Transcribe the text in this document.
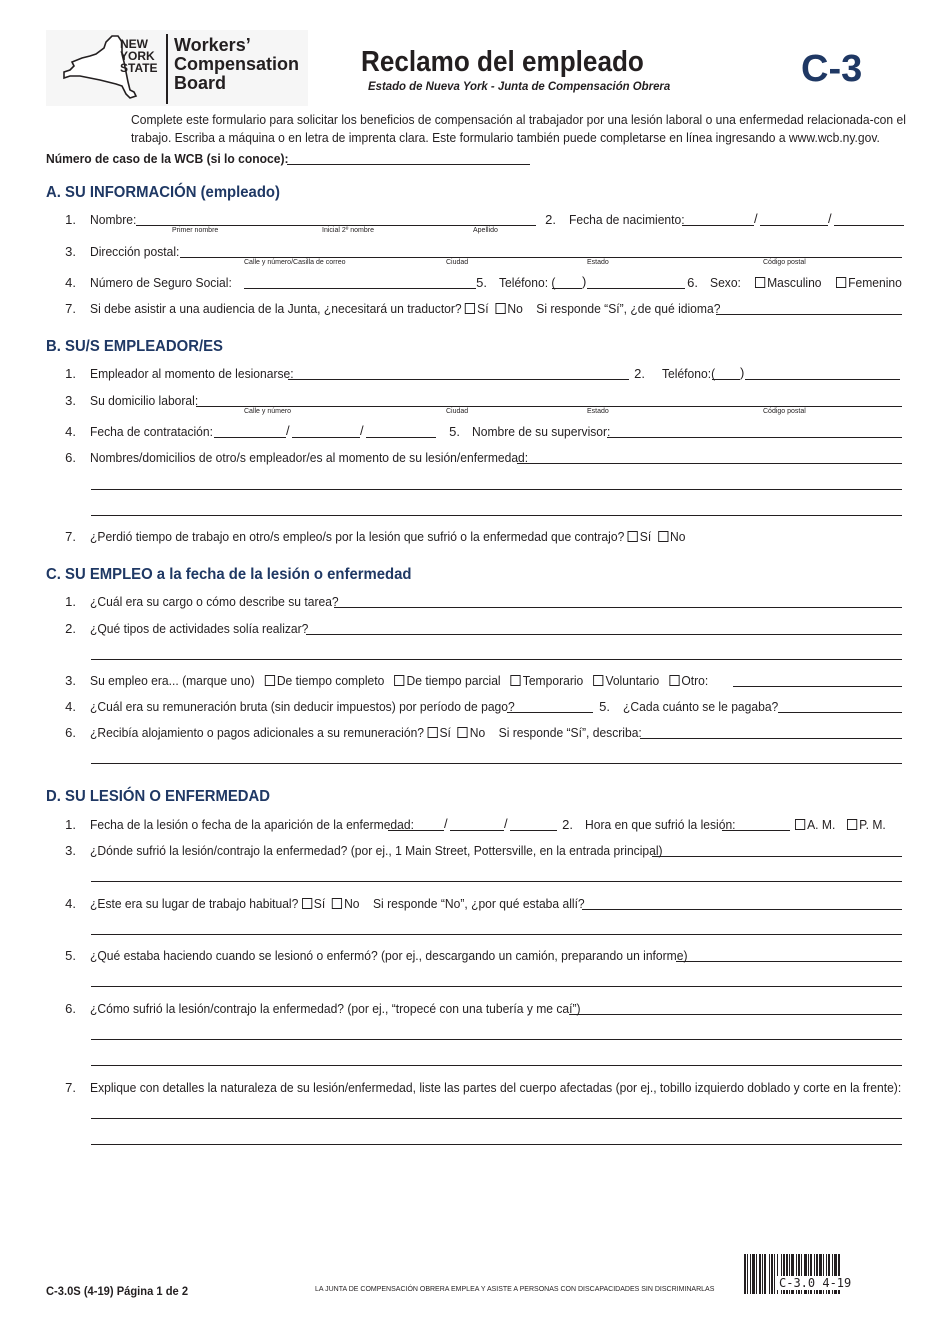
NEW
YORK
STATE
Workers’
Compensation
Board
Reclamo del empleado
Estado de Nueva York - Junta de Compensación Obrera	C-3
Complete este formulario para solicitar los beneficios de compensación al trabajador por una lesión laboral o una enfermedad relacionada-con el
trabajo. Escriba a máquina o en letra de imprenta clara. Este formulario también puede completarse en línea ingresando a www.wcb.ny.gov.
Número de caso de la WCB (si lo conoce):
A. SU INFORMACIÓN (empleado)
1. Nombre:
Primer nombre	Inicial 2º nombre	Apellido
2. Fecha de nacimiento:	/	/
3. Dirección postal:
Calle y número/Casilla de correo	Ciudad	Estado	Código postal
4. Número de Seguro Social:	5. Teléfono: ( )	6. Sexo:	Masculino	Femenino
7. Si debe asistir a una audiencia de la Junta, ¿necesitará un traductor? Sí No Si responde “Sí”, ¿de qué idioma?
B. SU/S EMPLEADOR/ES
1. Empleador al momento de lesionarse:	2. Teléfono:( )
3. Su domicilio laboral:
Calle y número	Ciudad	Estado	Código postal
4. Fecha de contratación:	/	/	5. Nombre de su supervisor:
6. Nombres/domicilios de otro/s empleador/es al momento de su lesión/enfermedad:
7. ¿Perdió tiempo de trabajo en otro/s empleo/s por la lesión que sufrió o la enfermedad que contrajo? Sí No
C. SU EMPLEO a la fecha de la lesión o enfermedad
1. ¿Cuál era su cargo o cómo describe su tarea?
2. ¿Qué tipos de actividades solía realizar?
3. Su empleo era... (marque uno) De tiempo completo De tiempo parcial Temporario Voluntario Otro:
4. ¿Cuál era su remuneración bruta (sin deducir impuestos) por período de pago?	5. ¿Cada cuánto se le pagaba?
6. ¿Recibía alojamiento o pagos adicionales a su remuneración? Sí No Si responde “Sí”, describa:
D. SU LESIÓN O ENFERMEDAD
1. Fecha de la lesión o fecha de la aparición de la enfermedad: /	/	2. Hora en que sufrió la lesión:	A. M.	P. M.
3. ¿Dónde sufrió la lesión/contrajo la enfermedad? (por ej., 1 Main Street, Pottersville, en la entrada principal)
4. ¿Este era su lugar de trabajo habitual? Sí No Si responde “No”, ¿por qué estaba allí?
5. ¿Qué estaba haciendo cuando se lesionó o enfermó? (por ej., descargando un camión, preparando un informe)
6. ¿Cómo sufrió la lesión/contrajo la enfermedad? (por ej., “tropecé con una tubería y me caí”)
7. Explique con detalles la naturaleza de su lesión/enfermedad, liste las partes del cuerpo afectadas (por ej., tobillo izquierdo doblado y corte en la frente):
C-3.0S (4-19) Página 1 de 2	LA JUNTA DE COMPENSACIÓN OBRERA EMPLEA Y ASISTE A PERSONAS CON DISCAPACIDADES SIN DISCRIMINARLAS	C-3.0 4-19
